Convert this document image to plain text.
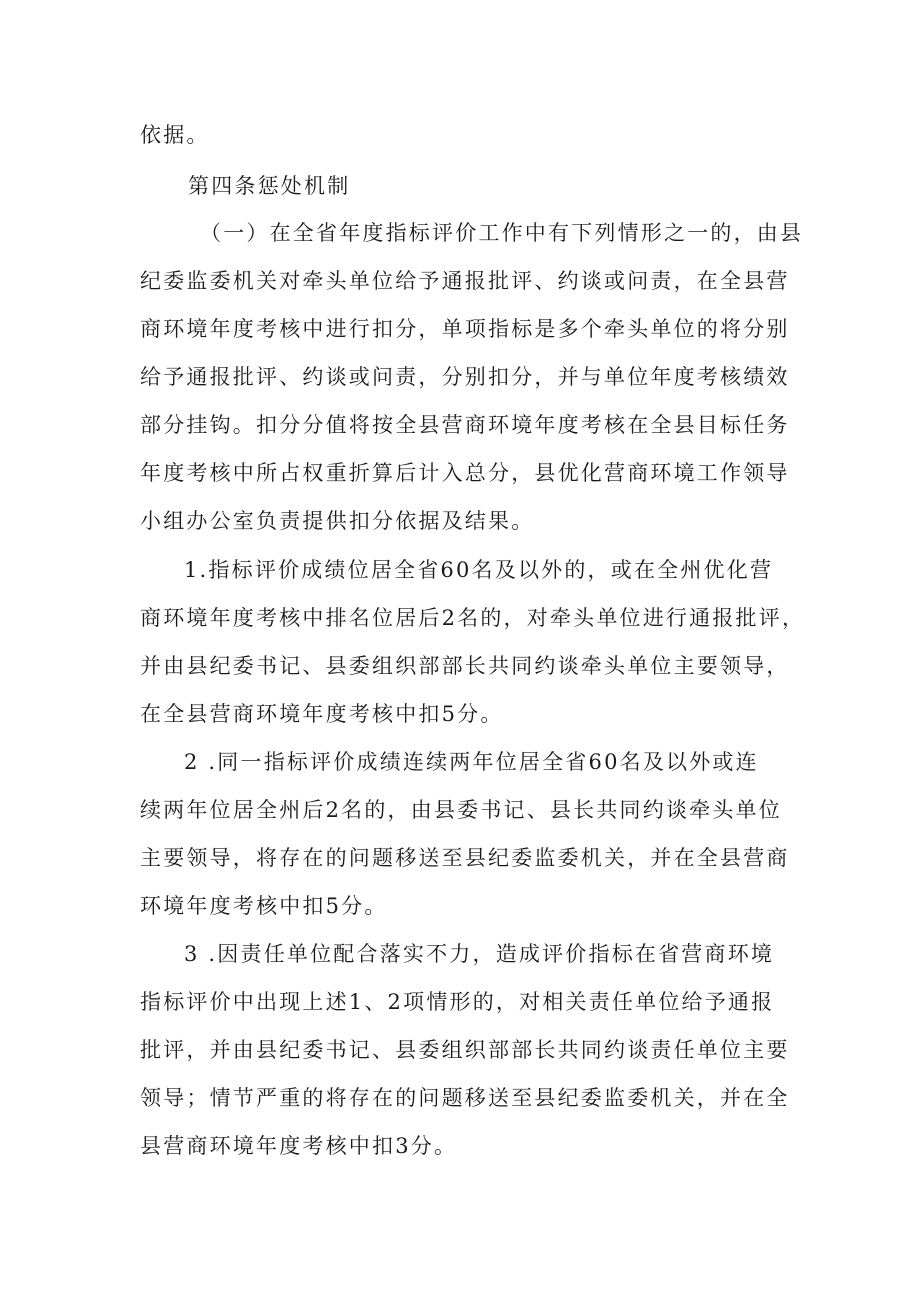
依据。
第四条惩处机制
（一）在全省年度指标评价工作中有下列情形之一的，由县
纪委监委机关对牵头单位给予通报批评、约谈或问责，在全县营
商环境年度考核中进行扣分，单项指标是多个牵头单位的将分别
给予通报批评、约谈或问责，分别扣分，并与单位年度考核绩效
部分挂钩。扣分分值将按全县营商环境年度考核在全县目标任务
年度考核中所占权重折算后计入总分，县优化营商环境工作领导
小组办公室负责提供扣分依据及结果。
1.指标评价成绩位居全省60名及以外的，或在全州优化营
商环境年度考核中排名位居后2名的，对牵头单位进行通报批评，
并由县纪委书记、县委组织部部长共同约谈牵头单位主要领导，
在全县营商环境年度考核中扣5分。
2 .同一指标评价成绩连续两年位居全省60名及以外或连
续两年位居全州后2名的，由县委书记、县长共同约谈牵头单位
主要领导，将存在的问题移送至县纪委监委机关，并在全县营商
环境年度考核中扣5分。
3 .因责任单位配合落实不力，造成评价指标在省营商环境
指标评价中出现上述1、2项情形的，对相关责任单位给予通报
批评，并由县纪委书记、县委组织部部长共同约谈责任单位主要
领导；情节严重的将存在的问题移送至县纪委监委机关，并在全
县营商环境年度考核中扣3分。
